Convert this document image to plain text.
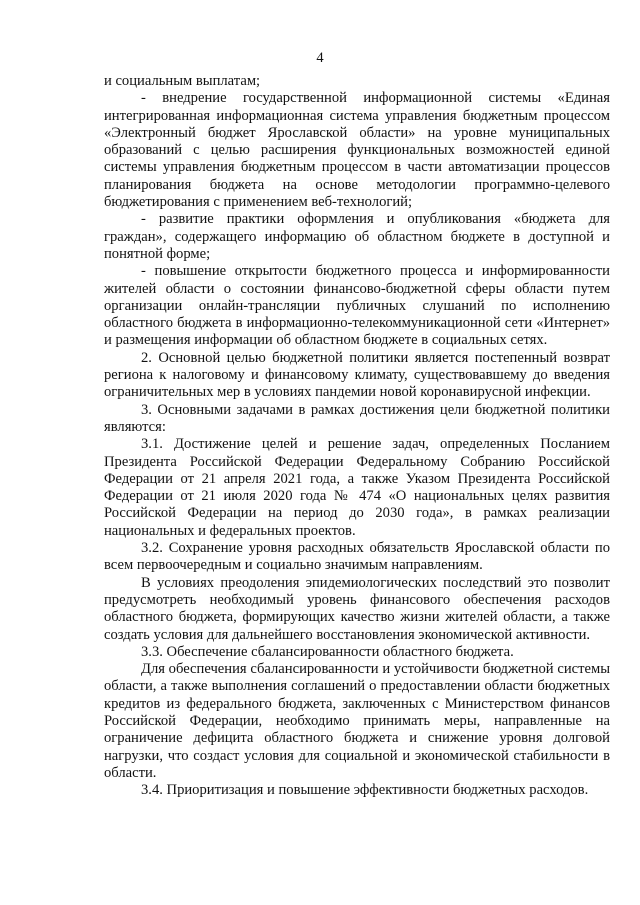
4

и социальным выплатам;

- внедрение государственной информационной системы «Единая интегрированная информационная система управления бюджетным процессом «Электронный бюджет Ярославской области» на уровне муниципальных образований с целью расширения функциональных возможностей единой системы управления бюджетным процессом в части автоматизации процессов планирования бюджета на основе методологии программно-целевого бюджетирования с применением веб-технологий;

- развитие практики оформления и опубликования «бюджета для граждан», содержащего информацию об областном бюджете в доступной и понятной форме;

- повышение открытости бюджетного процесса и информированности жителей области о состоянии финансово-бюджетной сферы области путем организации онлайн-трансляции публичных слушаний по исполнению областного бюджета в информационно-телекоммуникационной сети «Интернет» и размещения информации об областном бюджете в социальных сетях.

2. Основной целью бюджетной политики является постепенный возврат региона к налоговому и финансовому климату, существовавшему до введения ограничительных мер в условиях пандемии новой коронавирусной инфекции.

3. Основными задачами в рамках достижения цели бюджетной политики являются:

3.1. Достижение целей и решение задач, определенных Посланием Президента Российской Федерации Федеральному Собранию Российской Федерации от 21 апреля 2021 года, а также Указом Президента Российской Федерации от 21 июля 2020 года № 474 «О национальных целях развития Российской Федерации на период до 2030 года», в рамках реализации национальных и федеральных проектов.

3.2. Сохранение уровня расходных обязательств Ярославской области по всем первоочередным и социально значимым направлениям.

В условиях преодоления эпидемиологических последствий это позволит предусмотреть необходимый уровень финансового обеспечения расходов областного бюджета, формирующих качество жизни жителей области, а также создать условия для дальнейшего восстановления экономической активности.

3.3. Обеспечение сбалансированности областного бюджета.

Для обеспечения сбалансированности и устойчивости бюджетной системы области, а также выполнения соглашений о предоставлении области бюджетных кредитов из федерального бюджета, заключенных с Министерством финансов Российской Федерации, необходимо принимать меры, направленные на ограничение дефицита областного бюджета и снижение уровня долговой нагрузки, что создаст условия для социальной и экономической стабильности в области.

3.4. Приоритизация и повышение эффективности бюджетных расходов.
